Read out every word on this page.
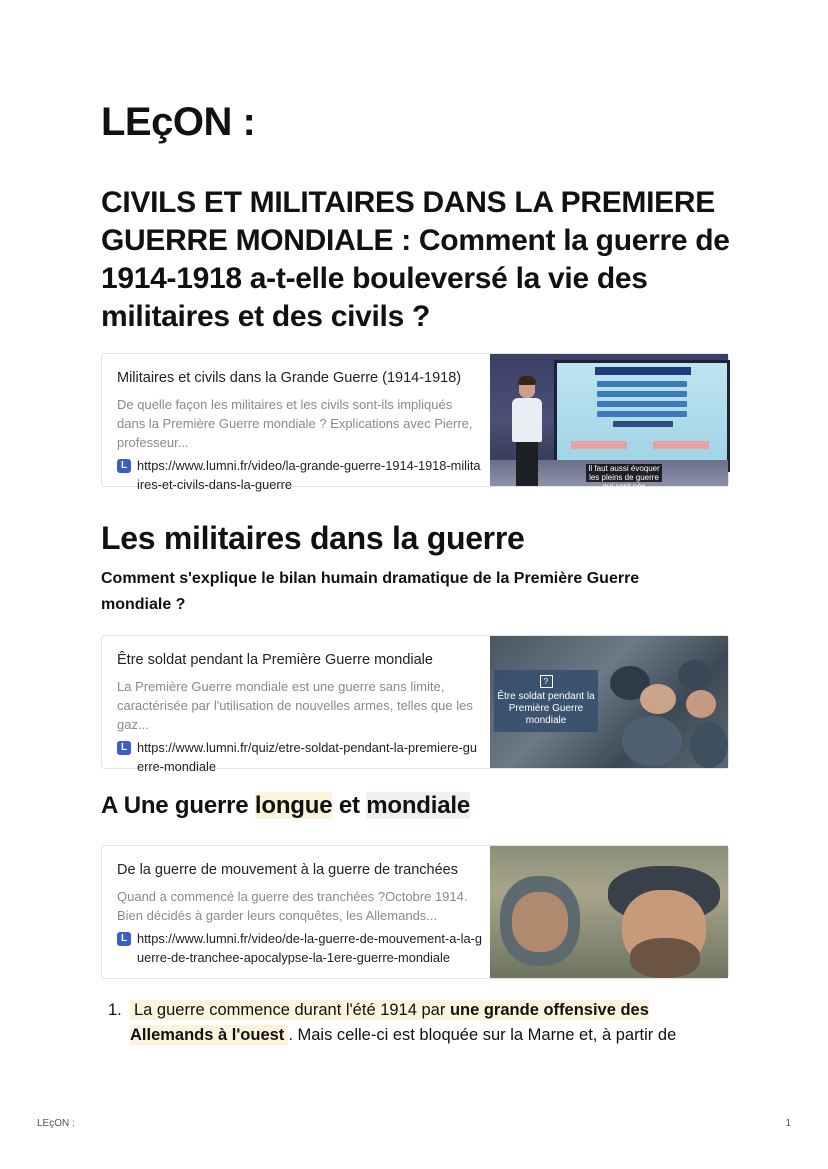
LEçON :
CIVILS ET MILITAIRES DANS LA PREMIERE GUERRE MONDIALE : Comment la guerre de 1914-1918 a-t-elle bouleversé la vie des militaires et des civils ?
Militaires et civils dans la Grande Guerre (1914-1918)
De quelle façon les militaires et les civils sont-ils impliqués dans la Première Guerre mondiale ? Explications avec Pierre, professeur...
L https://www.lumni.fr/video/la-grande-guerre-1914-1918-militaires-et-civils-dans-la-guerre
Il faut aussi évoquer les pleins de guerre qui sont nés
Les militaires dans la guerre

Comment s'explique le bilan humain dramatique de la Première Guerre mondiale ?

Être soldat pendant la Première Guerre mondiale
La Première Guerre mondiale est une guerre sans limite, caractérisée par l'utilisation de nouvelles armes, telles que les gaz...
L https://www.lumni.fr/quiz/etre-soldat-pendant-la-premiere-guerre-mondiale
?
Être soldat pendant la Première Guerre mondiale
A Une guerre longue et mondiale
De la guerre de mouvement à la guerre de tranchées
Quand a commencé la guerre des tranchées ?Octobre 1914. Bien décidés à garder leurs conquêtes, les Allemands...
L https://www.lumni.fr/video/de-la-guerre-de-mouvement-a-la-guerre-de-tranchee-apocalypse-la-1ere-guerre-mondiale
1. La guerre commence durant l'été 1914 par une grande offensive des Allemands à l'ouest . Mais celle-ci est bloquée sur la Marne et, à partir de
LEçON :	1
